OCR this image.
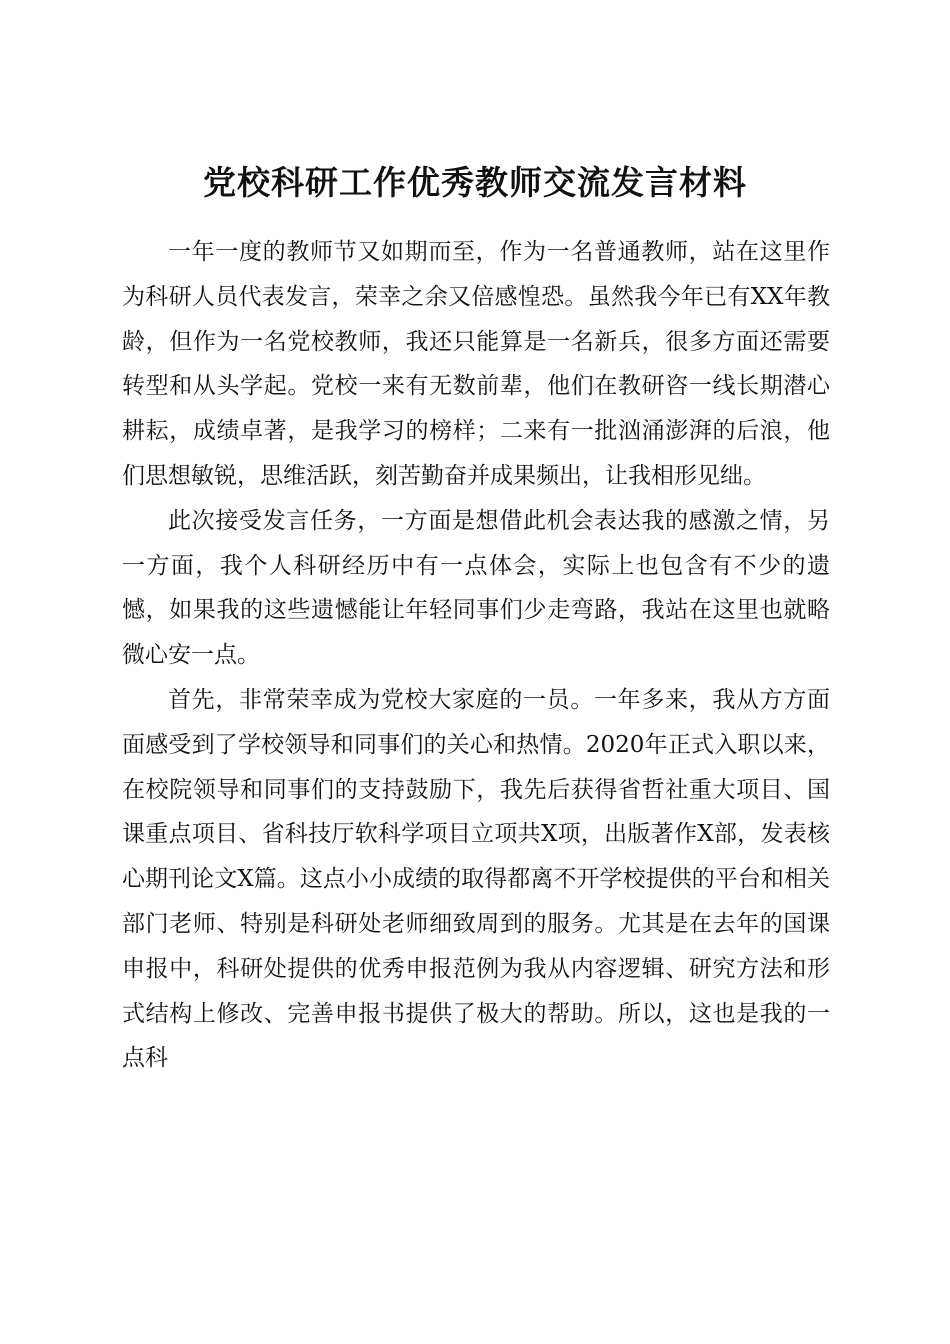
党校科研工作优秀教师交流发言材料

一年一度的教师节又如期而至，作为一名普通教师，站在这里作为科研人员代表发言，荣幸之余又倍感惶恐。虽然我今年已有XX年教龄，但作为一名党校教师，我还只能算是一名新兵，很多方面还需要转型和从头学起。党校一来有无数前辈，他们在教研咨一线长期潜心耕耘，成绩卓著，是我学习的榜样；二来有一批汹涌澎湃的后浪，他们思想敏锐，思维活跃，刻苦勤奋并成果频出，让我相形见绌。

此次接受发言任务，一方面是想借此机会表达我的感激之情，另一方面，我个人科研经历中有一点体会，实际上也包含有不少的遗憾，如果我的这些遗憾能让年轻同事们少走弯路，我站在这里也就略微心安一点。

首先，非常荣幸成为党校大家庭的一员。一年多来，我从方方面面感受到了学校领导和同事们的关心和热情。2020年正式入职以来，在校院领导和同事们的支持鼓励下，我先后获得省哲社重大项目、国课重点项目、省科技厅软科学项目立项共X项，出版著作X部，发表核心期刊论文X篇。这点小小成绩的取得都离不开学校提供的平台和相关部门老师、特别是科研处老师细致周到的服务。尤其是在去年的国课申报中，科研处提供的优秀申报范例为我从内容逻辑、研究方法和形式结构上修改、完善申报书提供了极大的帮助。所以，这也是我的一点科
